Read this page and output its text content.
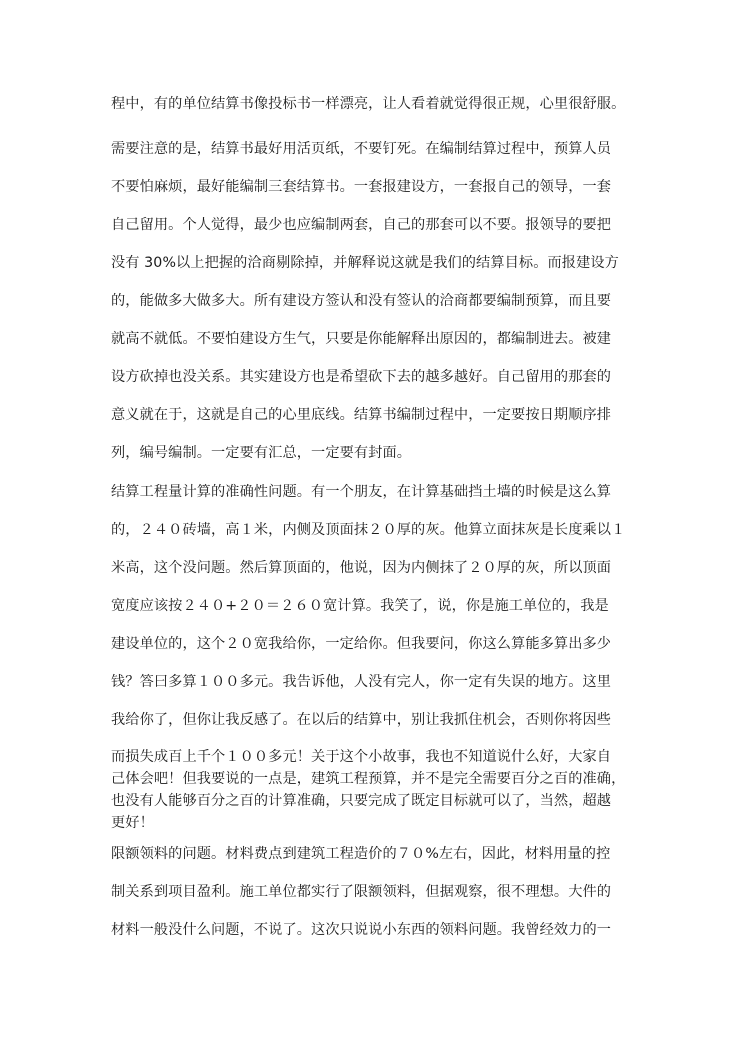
程中，有的单位结算书像投标书一样漂亮，让人看着就觉得很正规，心里很舒服。
需要注意的是，结算书最好用活页纸，不要钉死。在编制结算过程中，预算人员
不要怕麻烦，最好能编制三套结算书。一套报建设方，一套报自己的领导，一套
自己留用。个人觉得，最少也应编制两套，自己的那套可以不要。报领导的要把
没有 30%以上把握的洽商剔除掉，并解释说这就是我们的结算目标。而报建设方
的，能做多大做多大。所有建设方签认和没有签认的洽商都要编制预算，而且要
就高不就低。不要怕建设方生气，只要是你能解释出原因的，都编制进去。被建
设方砍掉也没关系。其实建设方也是希望砍下去的越多越好。自己留用的那套的
意义就在于，这就是自己的心里底线。结算书编制过程中，一定要按日期顺序排
列，编号编制。一定要有汇总，一定要有封面。
结算工程量计算的准确性问题。有一个朋友，在计算基础挡土墙的时候是这么算
的，２４０砖墙，高１米，内侧及顶面抹２０厚的灰。他算立面抹灰是长度乘以１
米高，这个没问题。然后算顶面的，他说，因为内侧抹了２０厚的灰，所以顶面
宽度应该按２４０+２０＝２６０宽计算。我笑了，说，你是施工单位的，我是
建设单位的，这个２０宽我给你，一定给你。但我要问，你这么算能多算出多少
钱？答曰多算１００多元。我告诉他，人没有完人，你一定有失误的地方。这里
我给你了，但你让我反感了。在以后的结算中，别让我抓住机会，否则你将因些
而损失成百上千个１００多元！关于这个小故事，我也不知道说什么好，大家自
己体会吧！但我要说的一点是，建筑工程预算，并不是完全需要百分之百的准确，
也没有人能够百分之百的计算准确，只要完成了既定目标就可以了，当然，超越
更好！
限额领料的问题。材料费点到建筑工程造价的７０%左右，因此，材料用量的控
制关系到项目盈利。施工单位都实行了限额领料，但据观察，很不理想。大件的
材料一般没什么问题，不说了。这次只说说小东西的领料问题。我曾经效力的一
